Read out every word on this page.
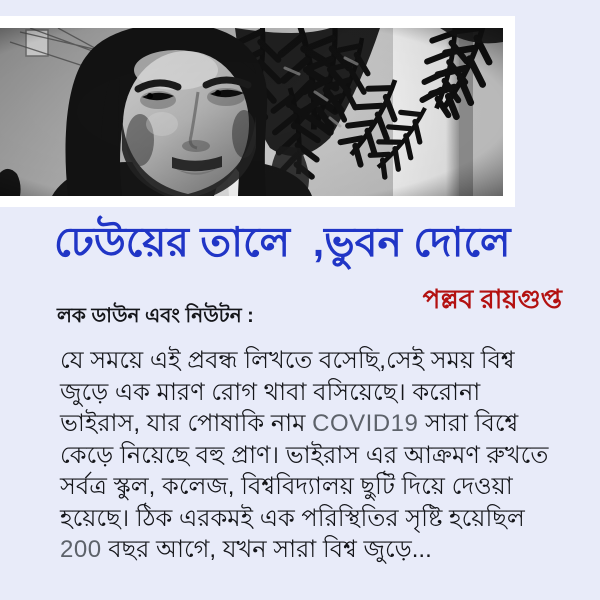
ঢেউয়ের তালে  ,ভুবন দোলে
পল্লব রায়গুপ্ত
লক ডাউন এবং নিউটন :
যে সময়ে এই প্রবন্ধ লিখতে বসেছি,সেই সময় বিশ্ব
জুড়ে এক মারণ রোগ থাবা বসিয়েছে। করোনা
ভাইরাস, যার পোষাকি নাম COVID19 সারা বিশ্বে
কেড়ে নিয়েছে বহু প্রাণ। ভাইরাস এর আক্রমণ রুখতে
সর্বত্র স্কুল, কলেজ, বিশ্ববিদ্যালয় ছুটি দিয়ে দেওয়া
হয়েছে। ঠিক এরকমই এক পরিস্থিতির সৃষ্টি হয়েছিল
200 বছর আগে, যখন সারা বিশ্ব জুড়ে...
